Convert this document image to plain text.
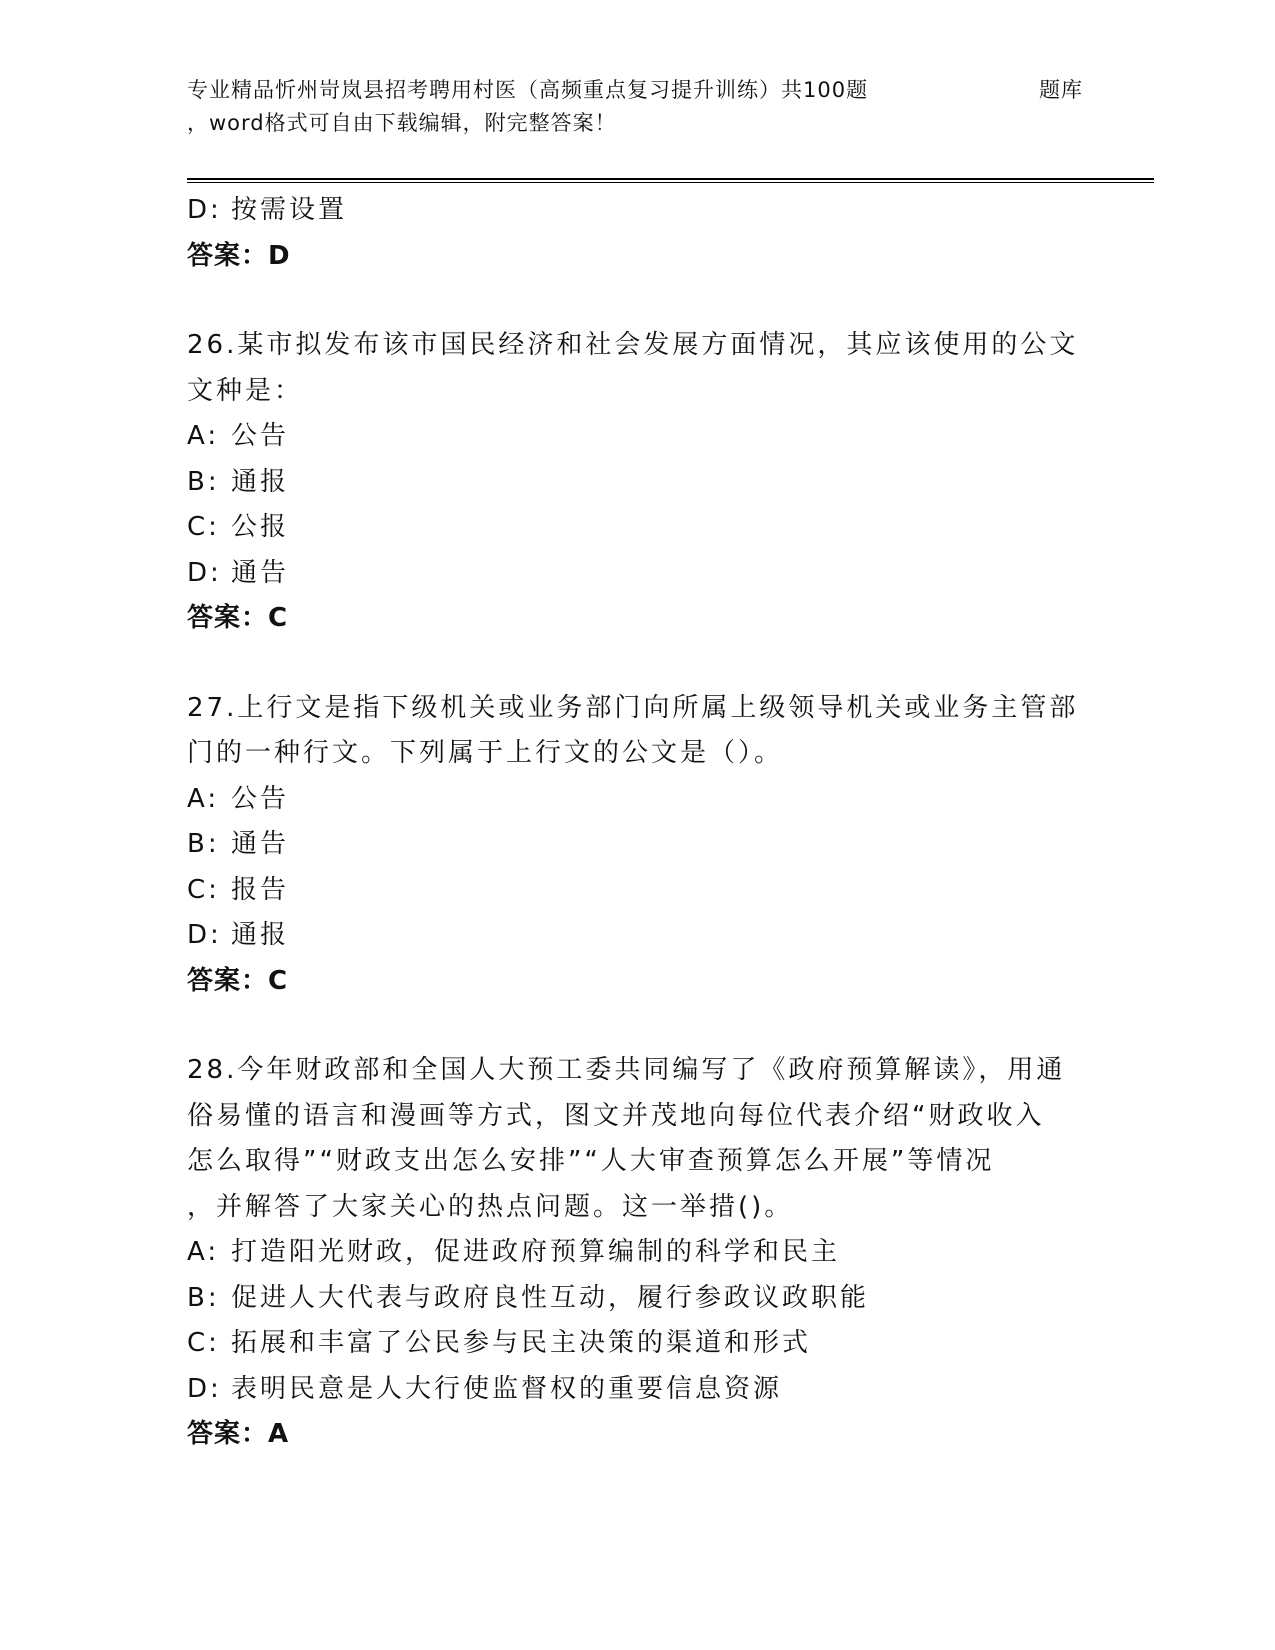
专业精品忻州岢岚县招考聘用村医（高频重点复习提升训练）共100题
，word格式可自由下载编辑，附完整答案！
题库
D: 按需设置
答案：D
26.某市拟发布该市国民经济和社会发展方面情况，其应该使用的公文
文种是：
A: 公告
B: 通报
C: 公报
D: 通告
答案：C
27.上行文是指下级机关或业务部门向所属上级领导机关或业务主管部
门的一种行文。下列属于上行文的公文是（）。
A: 公告
B: 通告
C: 报告
D: 通报
答案：C
28.今年财政部和全国人大预工委共同编写了《政府预算解读》，用通
俗易懂的语言和漫画等方式，图文并茂地向每位代表介绍“财政收入
怎么取得”“财政支出怎么安排”“人大审查预算怎么开展”等情况
，并解答了大家关心的热点问题。这一举措()。
A: 打造阳光财政，促进政府预算编制的科学和民主
B: 促进人大代表与政府良性互动，履行参政议政职能
C: 拓展和丰富了公民参与民主决策的渠道和形式
D: 表明民意是人大行使监督权的重要信息资源
答案：A
